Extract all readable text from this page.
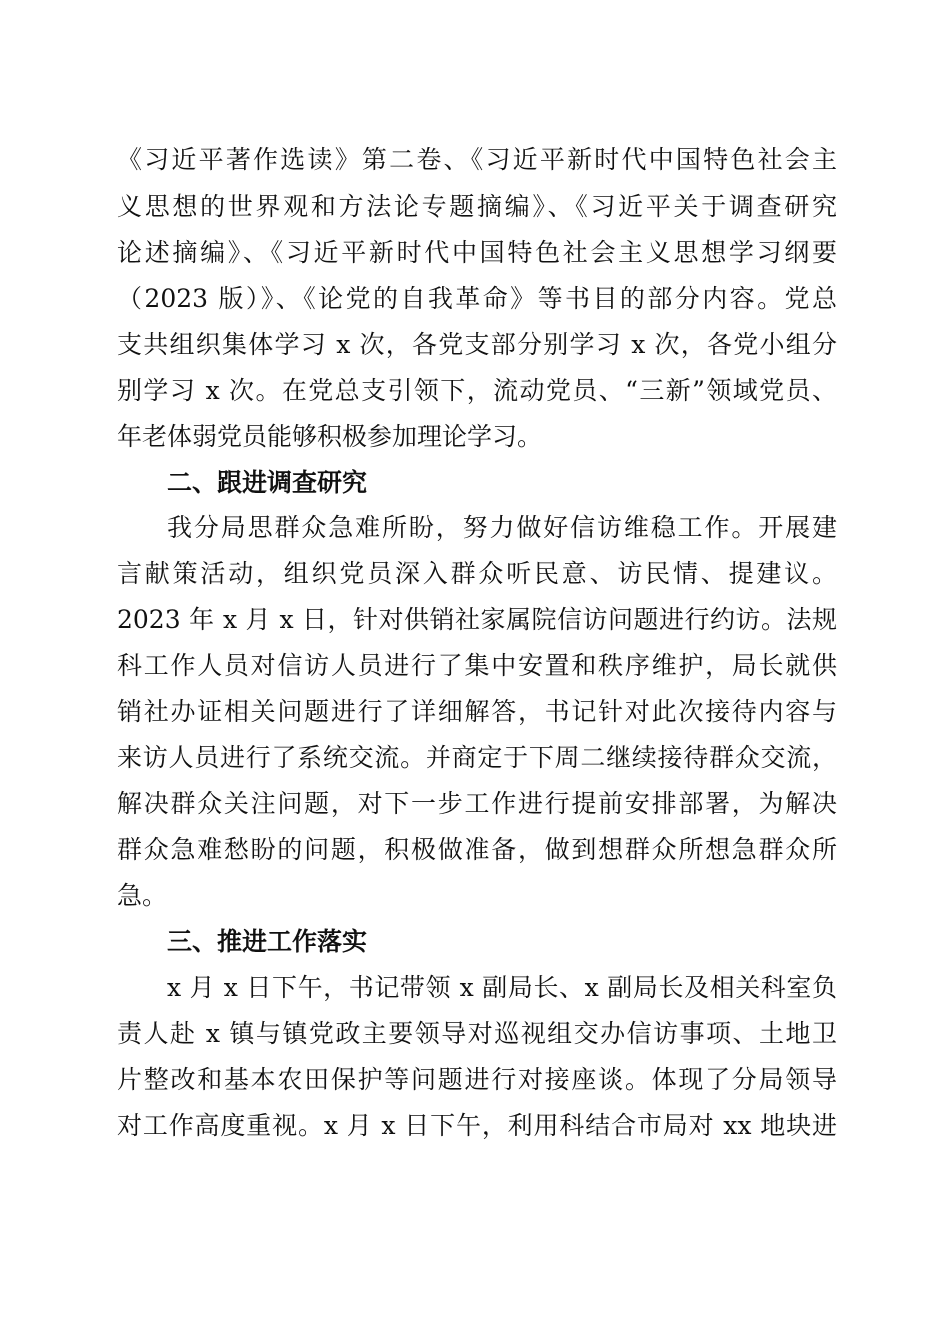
《习近平著作选读》第二卷、《习近平新时代中国特色社会主
义思想的世界观和方法论专题摘编》、《习近平关于调查研究
论述摘编》、《习近平新时代中国特色社会主义思想学习纲要
（2023 版）》、《论党的自我革命》等书目的部分内容。党总
支共组织集体学习 x 次，各党支部分别学习 x 次，各党小组分
别学习 x 次。在党总支引领下，流动党员、“三新”领域党员、
年老体弱党员能够积极参加理论学习。
二、跟进调查研究
我分局思群众急难所盼，努力做好信访维稳工作。开展建
言献策活动，组织党员深入群众听民意、访民情、提建议。
2023 年 x 月 x 日，针对供销社家属院信访问题进行约访。法规
科工作人员对信访人员进行了集中安置和秩序维护，局长就供
销社办证相关问题进行了详细解答，书记针对此次接待内容与
来访人员进行了系统交流。并商定于下周二继续接待群众交流，
解决群众关注问题，对下一步工作进行提前安排部署，为解决
群众急难愁盼的问题，积极做准备，做到想群众所想急群众所
急。
三、推进工作落实
x 月 x 日下午，书记带领 x 副局长、x 副局长及相关科室负
责人赴 x 镇与镇党政主要领导对巡视组交办信访事项、土地卫
片整改和基本农田保护等问题进行对接座谈。体现了分局领导
对工作高度重视。x 月 x 日下午，利用科结合市局对 xx 地块进
